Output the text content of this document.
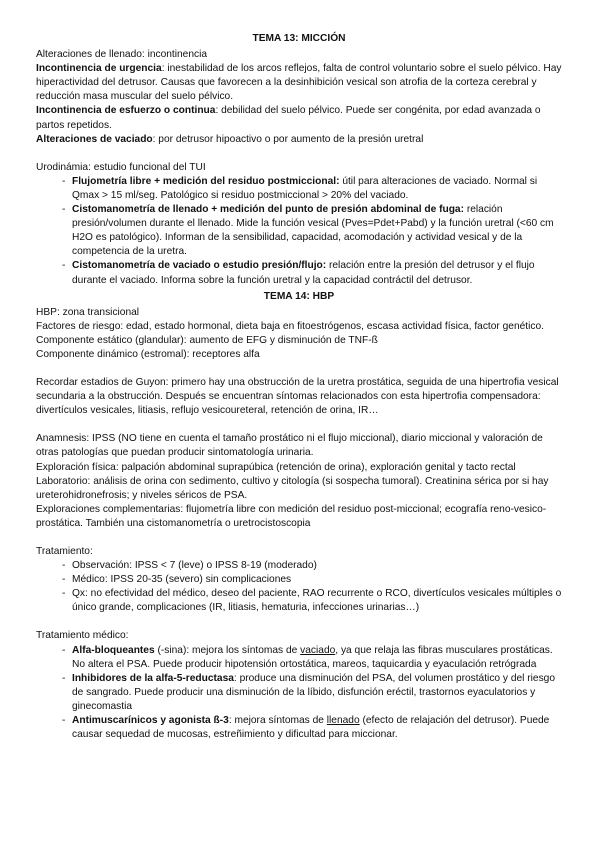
TEMA 13: MICCIÓN

Alteraciones de llenado: incontinencia

Incontinencia de urgencia: inestabilidad de los arcos reflejos, falta de control voluntario sobre el suelo pélvico. Hay hiperactividad del detrusor. Causas que favorecen a la desinhibición vesical son atrofia de la corteza cerebral y reducción masa muscular del suelo pélvico.

Incontinencia de esfuerzo o continua: debilidad del suelo pélvico. Puede ser congénita, por edad avanzada o partos repetidos.

Alteraciones de vaciado: por detrusor hipoactivo o por aumento de la presión uretral

Urodinámia: estudio funcional del TUI

- Flujometría libre + medición del residuo postmiccional: útil para alteraciones de vaciado. Normal si Qmax > 15 ml/seg. Patológico si residuo postmiccional > 20% del vaciado.
- Cistomanometría de llenado + medición del punto de presión abdominal de fuga: relación presión/volumen durante el llenado. Mide la función vesical (Pves=Pdet+Pabd) y la función uretral (<60 cm H2O es patológico). Informan de la sensibilidad, capacidad, acomodación y actividad vesical y de la competencia de la uretra.
- Cistomanometría de vaciado o estudio presión/flujo: relación entre la presión del detrusor y el flujo durante el vaciado. Informa sobre la función uretral y la capacidad contráctil del detrusor.
TEMA 14: HBP

HBP: zona transicional

Factores de riesgo: edad, estado hormonal, dieta baja en fitoestrógenos, escasa actividad física, factor genético.

Componente estático (glandular): aumento de EFG y disminución de TNF-ß

Componente dinámico (estromal): receptores alfa

Recordar estadios de Guyon: primero hay una obstrucción de la uretra prostática, seguida de una hipertrofia vesical secundaria a la obstrucción. Después se encuentran síntomas relacionados con esta hipertrofia compensadora: divertículos vesicales, litiasis, reflujo vesicoureteral, retención de orina, IR…

Anamnesis: IPSS (NO tiene en cuenta el tamaño prostático ni el flujo miccional), diario miccional y valoración de otras patologías que puedan producir sintomatología urinaria.

Exploración física: palpación abdominal suprapúbica (retención de orina), exploración genital y tacto rectal

Laboratorio: análisis de orina con sedimento, cultivo y citología (si sospecha tumoral). Creatinina sérica por si hay ureterohidronefrosis; y niveles séricos de PSA.

Exploraciones complementarias: flujometría libre con medición del residuo post-miccional; ecografía reno-vesico-prostática. También una cistomanometría o uretrocistoscopia

Tratamiento:

- Observación: IPSS < 7 (leve) o IPSS 8-19 (moderado)
- Médico: IPSS 20-35 (severo) sin complicaciones
- Qx: no efectividad del médico, deseo del paciente, RAO recurrente o RCO, divertículos vesicales múltiples o único grande, complicaciones (IR, litiasis, hematuria, infecciones urinarias…)

Tratamiento médico:

- Alfa-bloqueantes (-sina): mejora los síntomas de vaciado, ya que relaja las fibras musculares prostáticas. No altera el PSA. Puede producir hipotensión ortostática, mareos, taquicardia y eyaculación retrógrada
- Inhibidores de la alfa-5-reductasa: produce una disminución del PSA, del volumen prostático y del riesgo de sangrado. Puede producir una disminución de la líbido, disfunción eréctil, trastornos eyaculatorios y ginecomastia
- Antimuscarínicos y agonista ß-3: mejora síntomas de llenado (efecto de relajación del detrusor). Puede causar sequedad de mucosas, estreñimiento y dificultad para miccionar.
